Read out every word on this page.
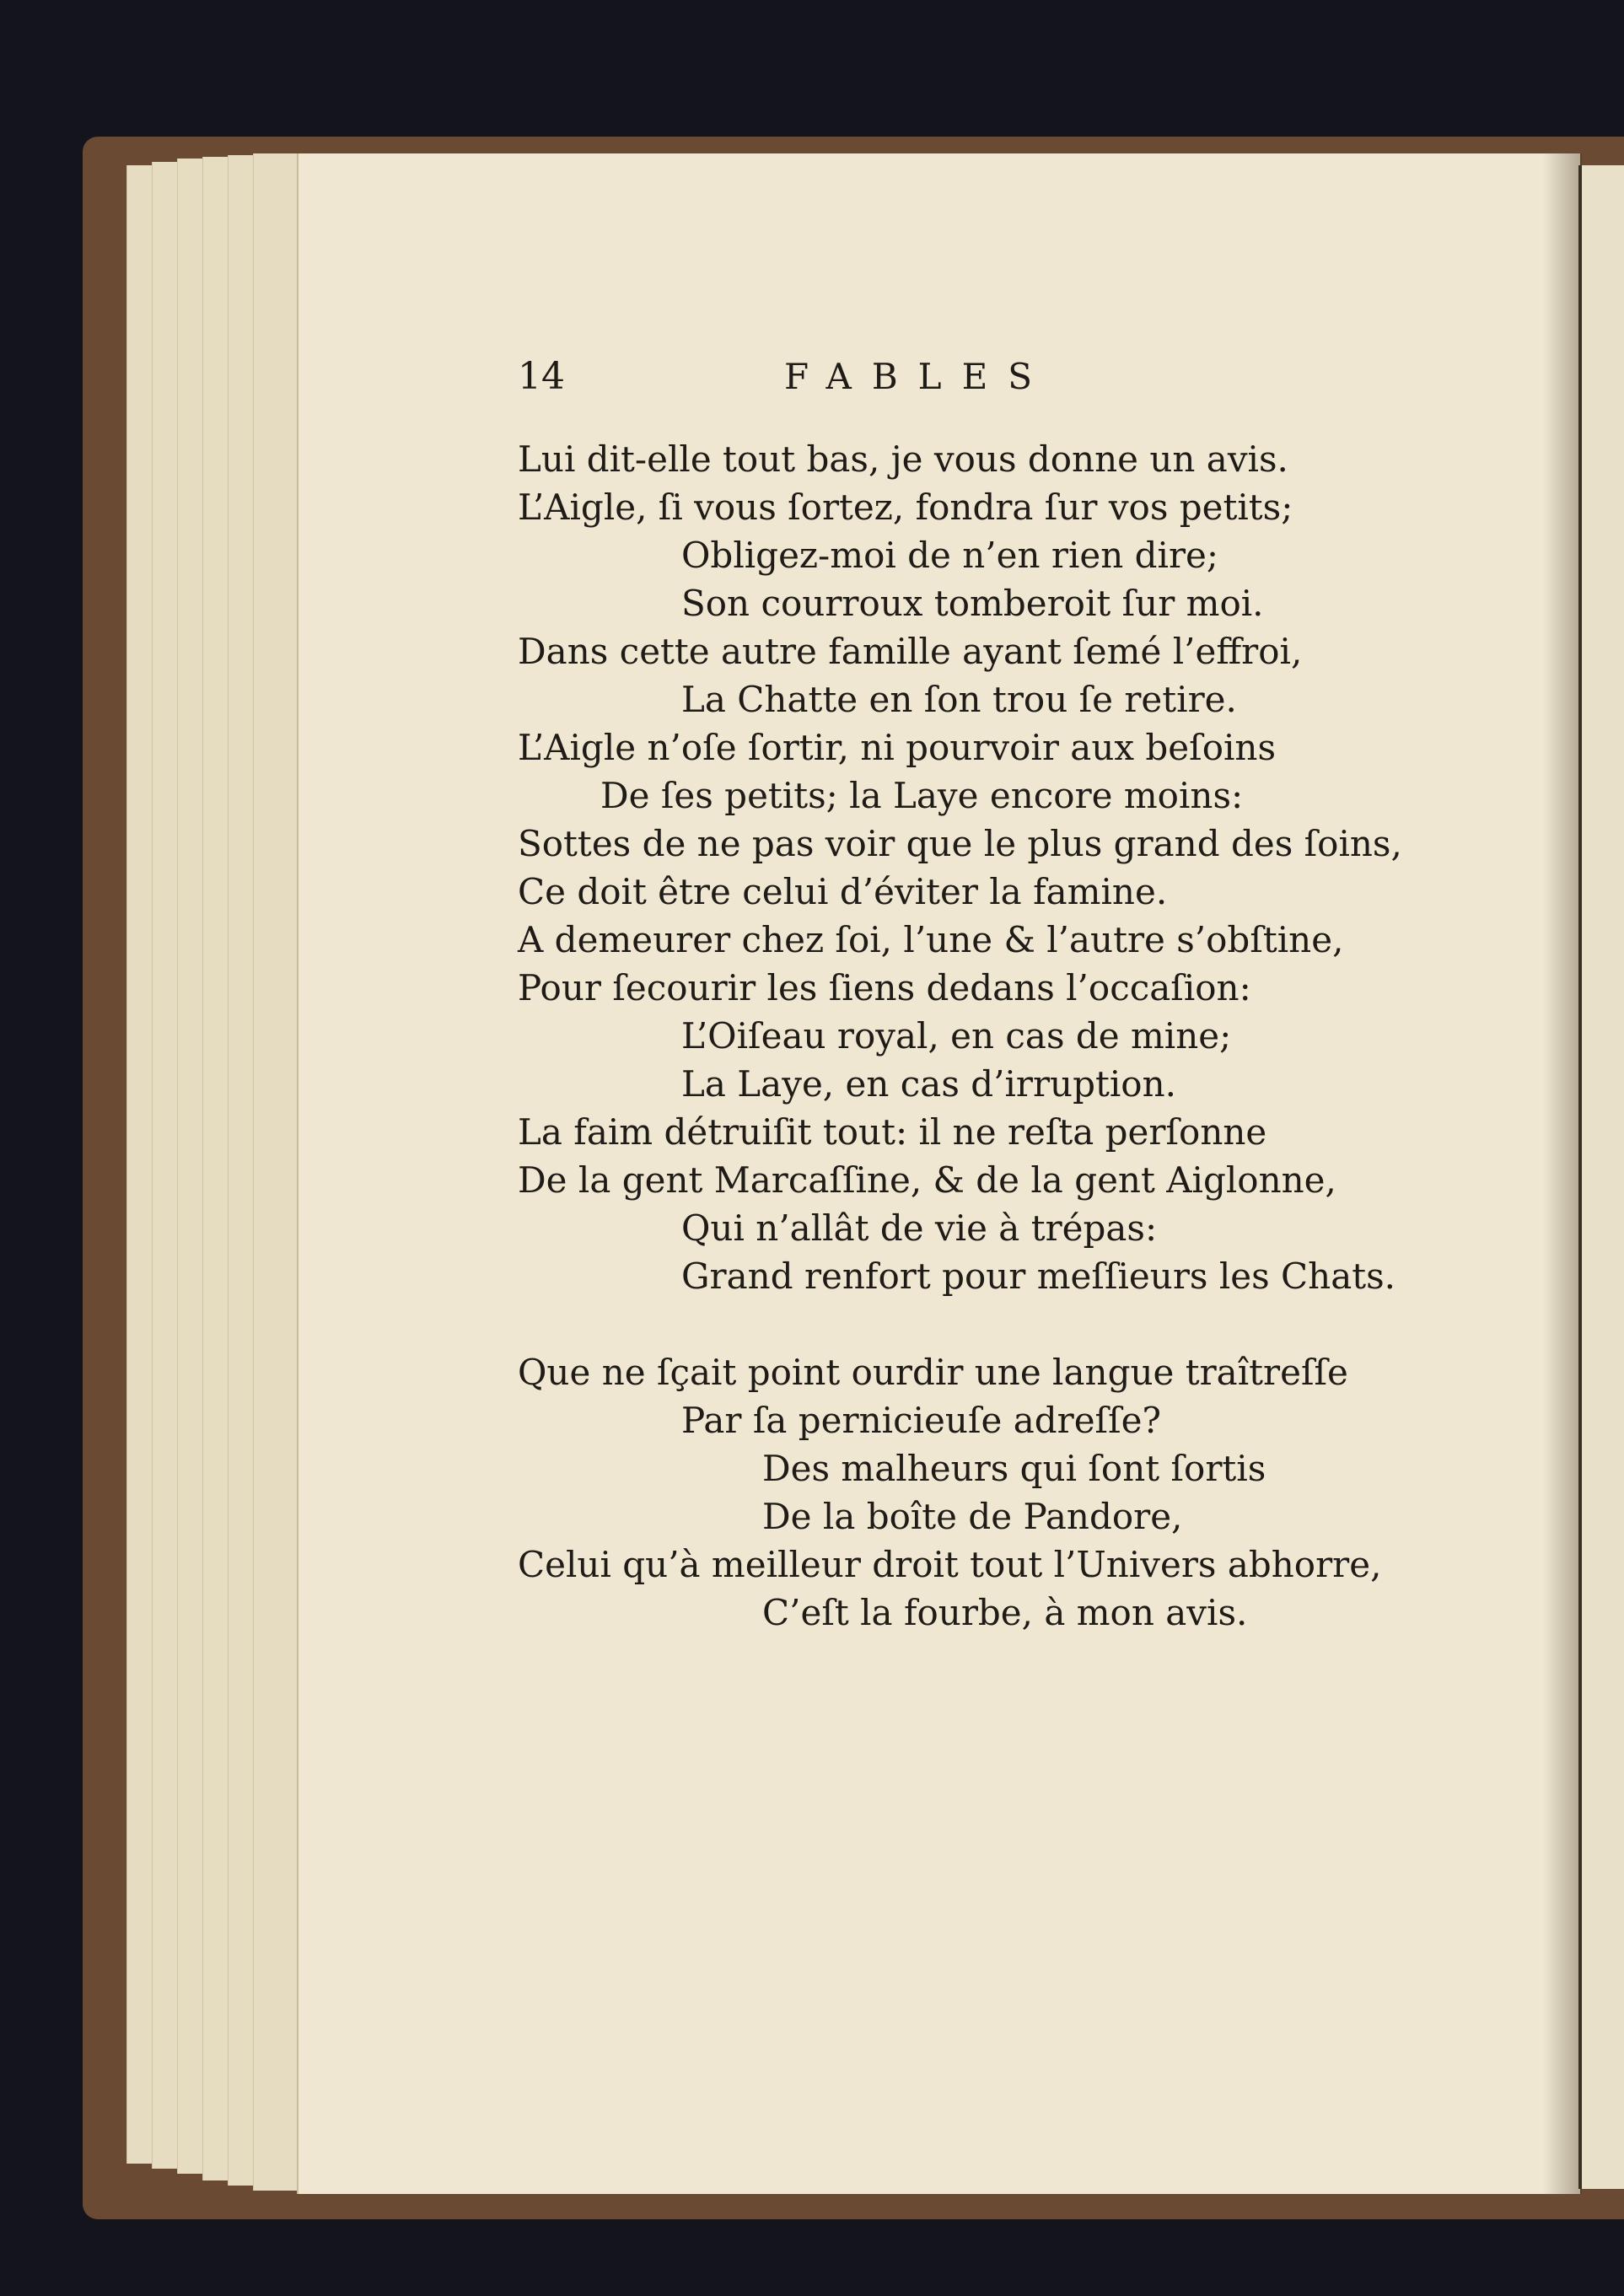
14	FABLES
Lui dit-elle tout bas, je vous donne un avis.
L’Aigle, ſi vous ſortez, fondra ſur vos petits;
Obligez-moi de n’en rien dire;
Son courroux tomberoit ſur moi.
Dans cette autre famille ayant ſemé l’effroi,
La Chatte en ſon trou ſe retire.
L’Aigle n’oſe ſortir, ni pourvoir aux beſoins
De ſes petits; la Laye encore moins:
Sottes de ne pas voir que le plus grand des ſoins,
Ce doit être celui d’éviter la famine.
A demeurer chez ſoi, l’une & l’autre s’obſtine,
Pour ſecourir les ſiens dedans l’occaſion:
L’Oiſeau royal, en cas de mine;
La Laye, en cas d’irruption.
La faim détruiſit tout: il ne reſta perſonne
De la gent Marcaſſine, & de la gent Aiglonne,
Qui n’allât de vie à trépas:
Grand renfort pour meſſieurs les Chats.
Que ne ſçait point ourdir une langue traîtreſſe
Par ſa pernicieuſe adreſſe?
Des malheurs qui ſont ſortis
De la boîte de Pandore,
Celui qu’à meilleur droit tout l’Univers abhorre,
C’eſt la fourbe, à mon avis.
